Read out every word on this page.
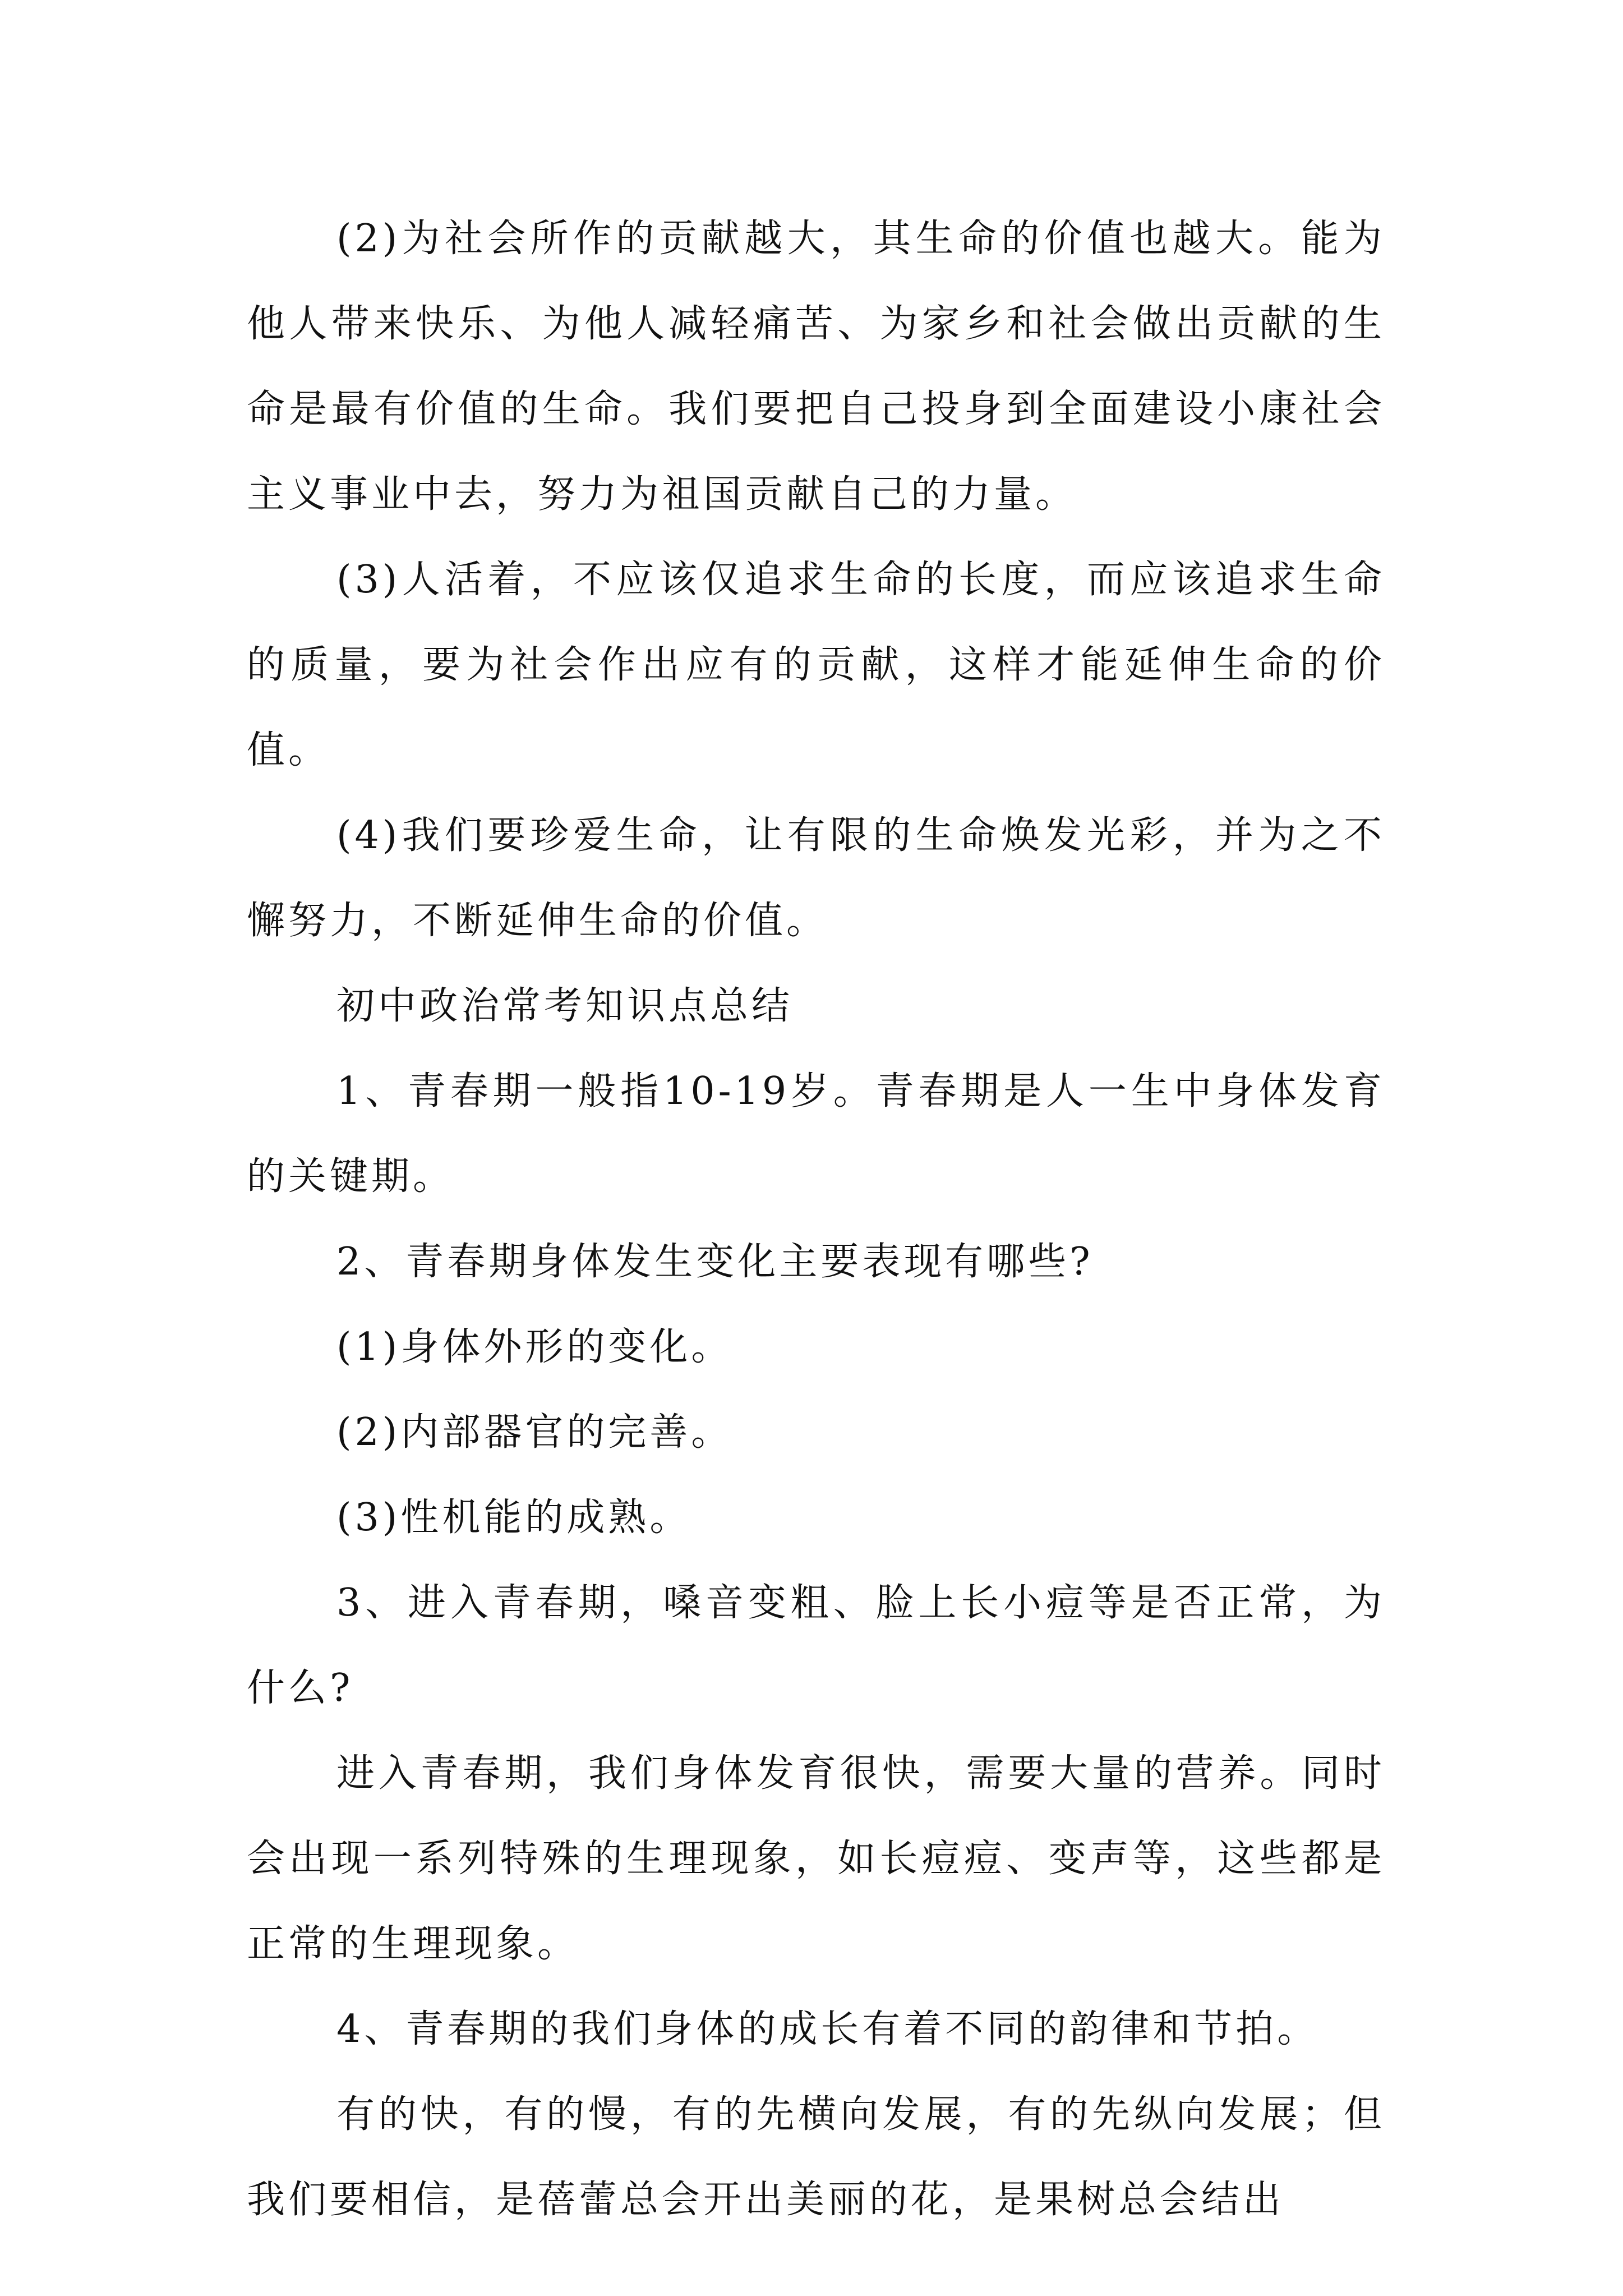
(2)为社会所作的贡献越大，其生命的价值也越大。能为他人带来快乐、为他人减轻痛苦、为家乡和社会做出贡献的生命是最有价值的生命。我们要把自己投身到全面建设小康社会主义事业中去，努力为祖国贡献自己的力量。

(3)人活着，不应该仅追求生命的长度，而应该追求生命的质量，要为社会作出应有的贡献，这样才能延伸生命的价值。

(4)我们要珍爱生命，让有限的生命焕发光彩，并为之不懈努力，不断延伸生命的价值。

初中政治常考知识点总结

1、青春期一般指10-19岁。青春期是人一生中身体发育的关键期。

2、青春期身体发生变化主要表现有哪些?

(1)身体外形的变化。

(2)内部器官的完善。

(3)性机能的成熟。

3、进入青春期，嗓音变粗、脸上长小痘等是否正常，为什么?

进入青春期，我们身体发育很快，需要大量的营养。同时会出现一系列特殊的生理现象，如长痘痘、变声等，这些都是正常的生理现象。

4、青春期的我们身体的成长有着不同的韵律和节拍。

有的快，有的慢，有的先横向发展，有的先纵向发展；但我们要相信，是蓓蕾总会开出美丽的花，是果树总会结出
